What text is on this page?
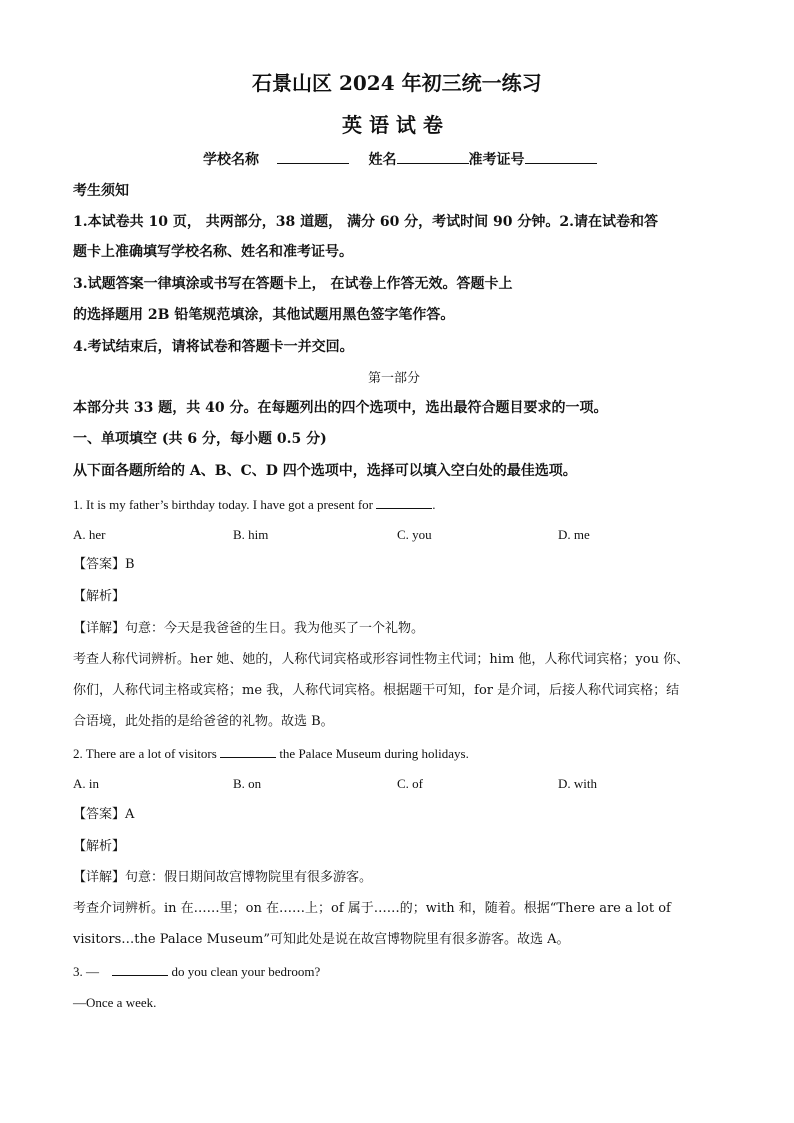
石景山区 2024 年初三统一练习
英 语 试 卷
学校名称	姓名	准考证号
考生须知
1.本试卷共 10 页， 共两部分，38 道题， 满分 60 分，考试时间 90 分钟。2.请在试卷和答
题卡上准确填写学校名称、姓名和准考证号。
3.试题答案一律填涂或书写在答题卡上， 在试卷上作答无效。答题卡上
的选择题用 2B 铅笔规范填涂，其他试题用黑色签字笔作答。
4.考试结束后，请将试卷和答题卡一并交回。
第一部分
本部分共 33 题，共 40 分。在每题列出的四个选项中，选出最符合题目要求的一项。
一、单项填空 (共 6 分，每小题 0.5 分)
从下面各题所给的 A、B、C、D 四个选项中，选择可以填入空白处的最佳选项。
1. It is my father’s birthday today. I have got a present for	.
A. her	B. him	C. you	D. me
【答案】B
【解析】
【详解】句意：今天是我爸爸的生日。我为他买了一个礼物。
考查人称代词辨析。her 她、她的，人称代词宾格或形容词性物主代词；him 他，人称代词宾格；you 你、
你们，人称代词主格或宾格；me 我，人称代词宾格。根据题干可知，for 是介词，后接人称代词宾格；结
合语境，此处指的是给爸爸的礼物。故选 B。
2. There are a lot of visitors	the Palace Museum during holidays.
A. in	B. on	C. of	D. with
【答案】A
【解析】
【详解】句意：假日期间故宫博物院里有很多游客。
考查介词辨析。in 在……里；on 在……上；of 属于……的；with 和，随着。根据“There are a lot of
visitors…the Palace Museum”可知此处是说在故宫博物院里有很多游客。故选 A。
3. —	do you clean your bedroom?
—Once a week.
